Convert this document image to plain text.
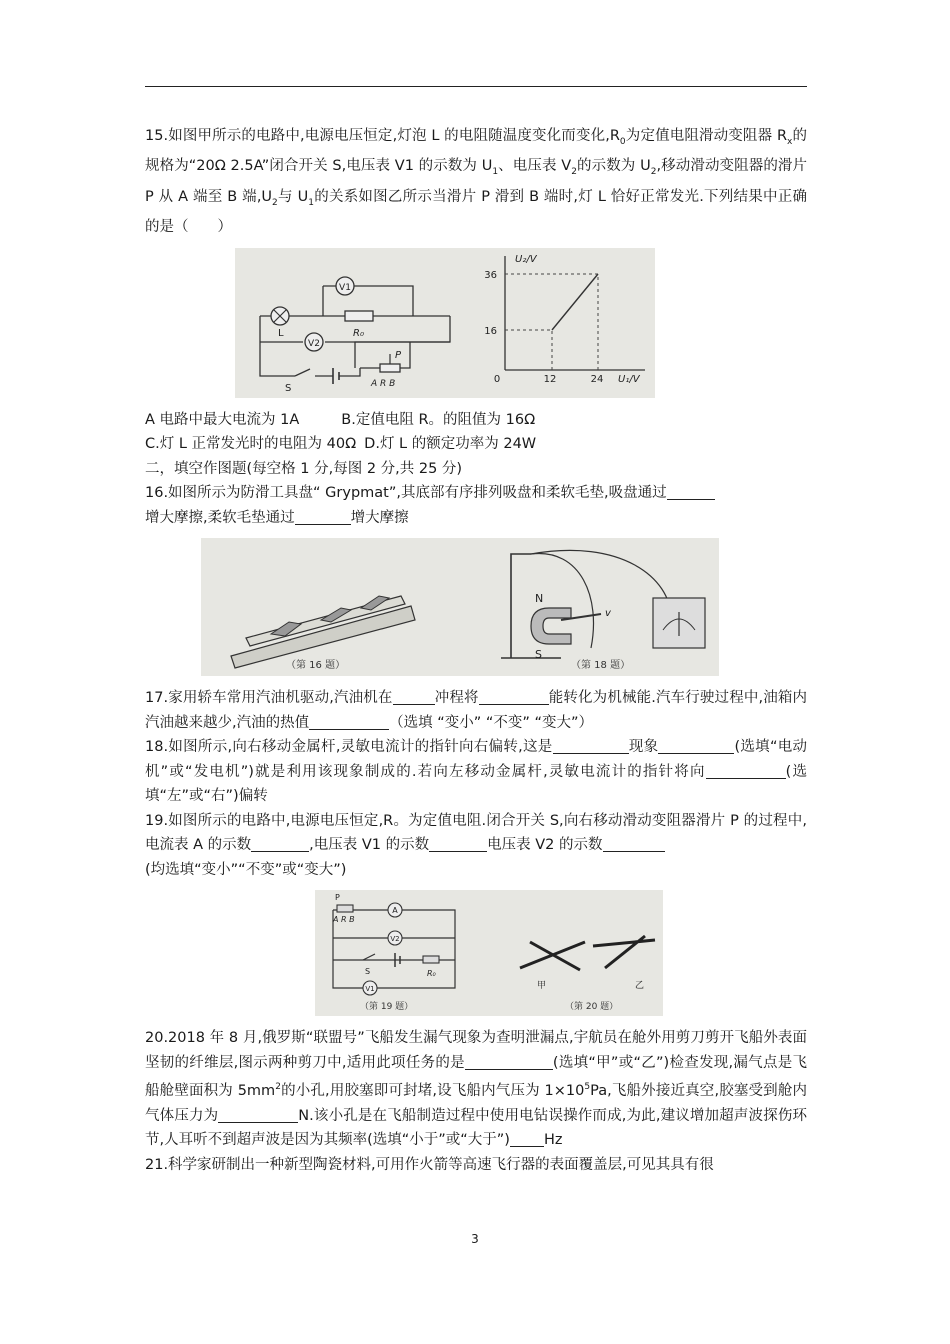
15.如图甲所示的电路中,电源电压恒定,灯泡 L 的电阻随温度变化而变化$,R_0$为定值电阻滑动变阻器 $R_x$的规格为“20Ω 2.5A”闭合开关 S,电压表 V1 的示数为 $U_1$、电压表 $V_2$的示数为 $U_2$,移动滑动变阻器的滑片 P 从 A 端至 B 端$,U_2$与 $U_1$的关系如图乙所示当滑片 P 滑到 B 端时,灯 L 恰好正常发光.下列结果中正确的是（　　）

V1
L	R₀
V2
S
P
A R B
U₂/V
U₁/V
0	12	24
16
36

A 电路中最大电流为 1A	B.定值电阻 R。的阻值为 16Ω

C.灯 L 正常发光时的电阻为 40Ω D.灯 L 的额定功率为 24W

二，填空作图题(每空格 1 分,每图 2 分,共 25 分)

16.如图所示为防滑工具盘“ Grypmat”,其底部有序排列吸盘和柔软毛垫,吸盘通过
增大摩擦,柔软毛垫通过	增大摩擦

（第 16 题）
N
S
v
（第 18 题）

17.家用轿车常用汽油机驱动,汽油机在	冲程将	能转化为机械能.汽车行驶过程中,油箱内汽油越来越少,汽油的热值	（选填 “变小” “不变” “变大”）

18.如图所示,向右移动金属杆,灵敏电流计的指针向右偏转,这是	现象	(选填“电动机”或“发电机”)就是利用该现象制成的.若向左移动金属杆,灵敏电流计的指针将向	(选填“左”或“右”)偏转

19.如图所示的电路中,电源电压恒定,R。为定值电阻.闭合开关 S,向右移动滑动变阻器滑片 P 的过程中,电流表 A 的示数	,电压表 V1 的示数	电压表 V2 的示数
(均选填“变小”“不变”或“变大”)

P
A R B
A
V2
S	R₀
V1
（第 19 题）
甲	乙
（第 20 题）

20.2018 年 8 月,俄罗斯“联盟号”飞船发生漏气现象为查明泄漏点,宇航员在舱外用剪刀剪开飞船外表面坚韧的纤维层,图示两种剪刀中,适用此项任务的是	(选填“甲”或“乙”)检查发现,漏气点是飞船舱壁面积为 $5mm^2$的小孔,用胶塞即可封堵,设飞船内气压为 $1\times 10^5Pa$,飞船外接近真空,胶塞受到舱内气体压力为	N.该小孔是在飞船制造过程中使用电钻误操作而成,为此,建议增加超声波探伤环节,人耳听不到超声波是因为其频率(选填“小于”或“大于”) Hz

21.科学家研制出一种新型陶瓷材料,可用作火箭等高速飞行器的表面覆盖层,可见其具有很

3
